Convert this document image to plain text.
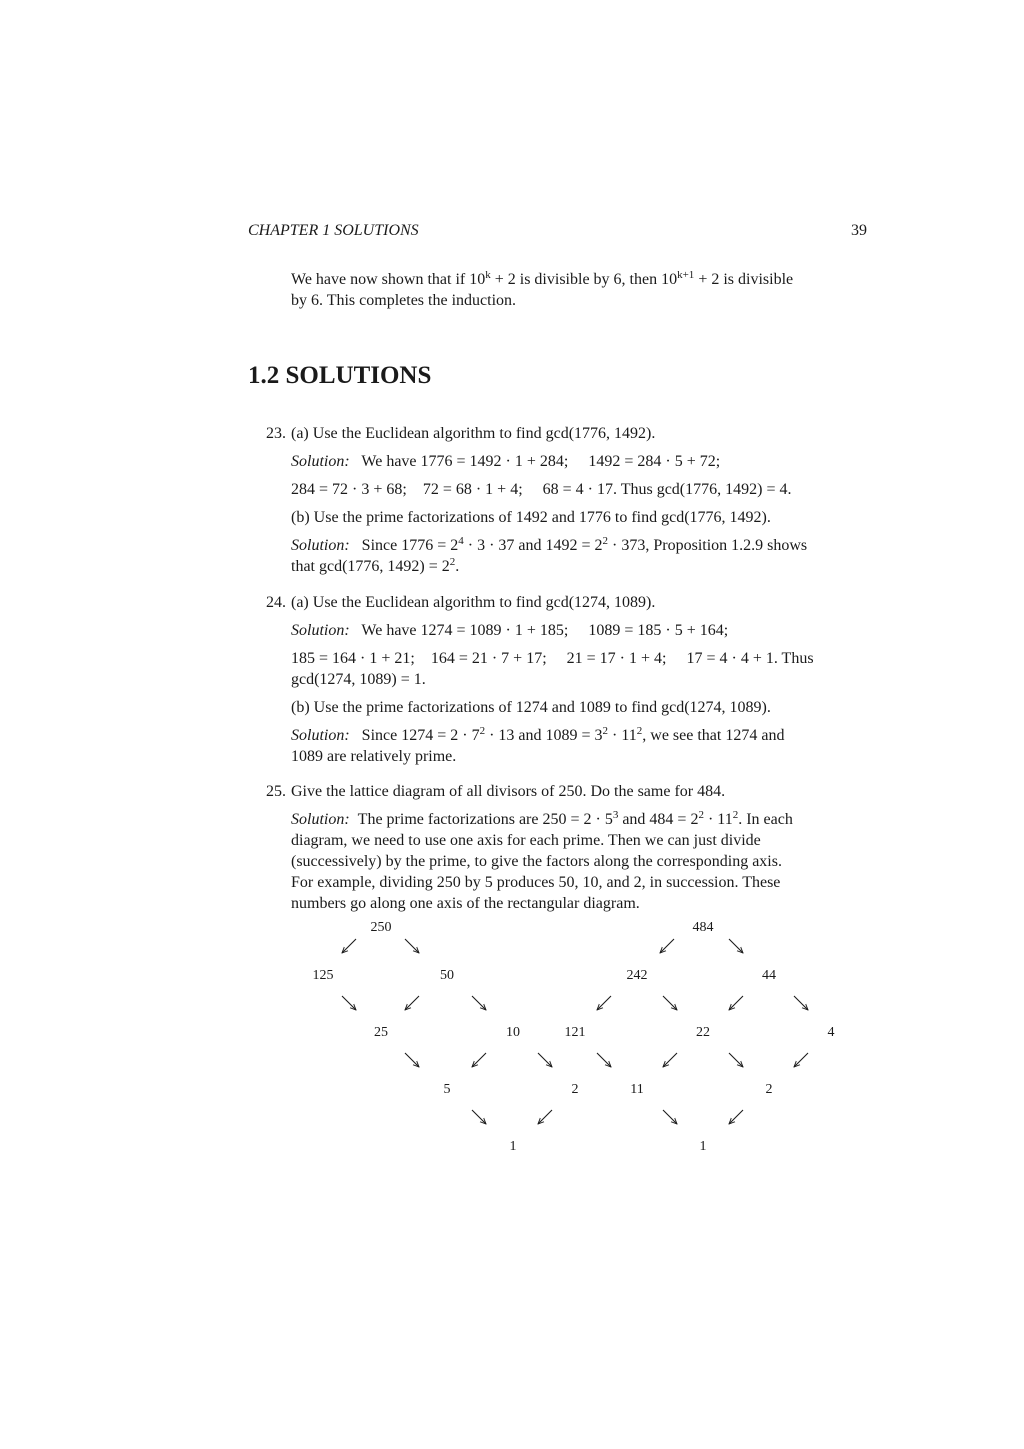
CHAPTER 1 SOLUTIONS	39
We have now shown that if $10^k + 2$ is divisible by 6, then $10^{k+1} + 2$ is divisible
by 6. This completes the induction.
1.2 SOLUTIONS
23. (a) Use the Euclidean algorithm to find gcd(1776, 1492).
Solution: We have 1776 = 1492 · 1 + 284;     1492 = 284 · 5 + 72;
284 = 72 · 3 + 68;    72 = 68 · 1 + 4;     68 = 4 · 17. Thus gcd(1776, 1492) = 4.
(b) Use the prime factorizations of 1492 and 1776 to find gcd(1776, 1492).
Solution: Since $1776 = 2^4 \cdot 3 \cdot 37$ and $1492 = 2^2 \cdot 373$, Proposition 1.2.9 shows
that gcd(1776, $1492) = 2^2$.
24. (a) Use the Euclidean algorithm to find gcd(1274, 1089).
Solution: We have 1274 = 1089 · 1 + 185;     1089 = 185 · 5 + 164;
185 = 164 · 1 + 21;    164 = 21 · 7 + 17;     21 = 17 · 1 + 4;     17 = 4 · 4 + 1. Thus
gcd(1274, 1089) = 1.
(b) Use the prime factorizations of 1274 and 1089 to find gcd(1274, 1089).
Solution: Since $1274 = 2 \cdot 7^2 \cdot 13$ and $1089 = 3^2 \cdot 11^2$, we see that 1274 and
1089 are relatively prime.
25. Give the lattice diagram of all divisors of 250. Do the same for 484.
Solution: The prime factorizations are $250 = 2 \cdot 5^3$ and $484 = 2^2 \cdot 11^2$. In each
diagram, we need to use one axis for each prime. Then we can just divide
(successively) by the prime, to give the factors along the corresponding axis.
For example, dividing 250 by 5 produces 50, 10, and 2, in succession. These
numbers go along one axis of the rectangular diagram.
250
125	50
25	10
5	2
1
484
242	44
121	22	4
11	2
1
